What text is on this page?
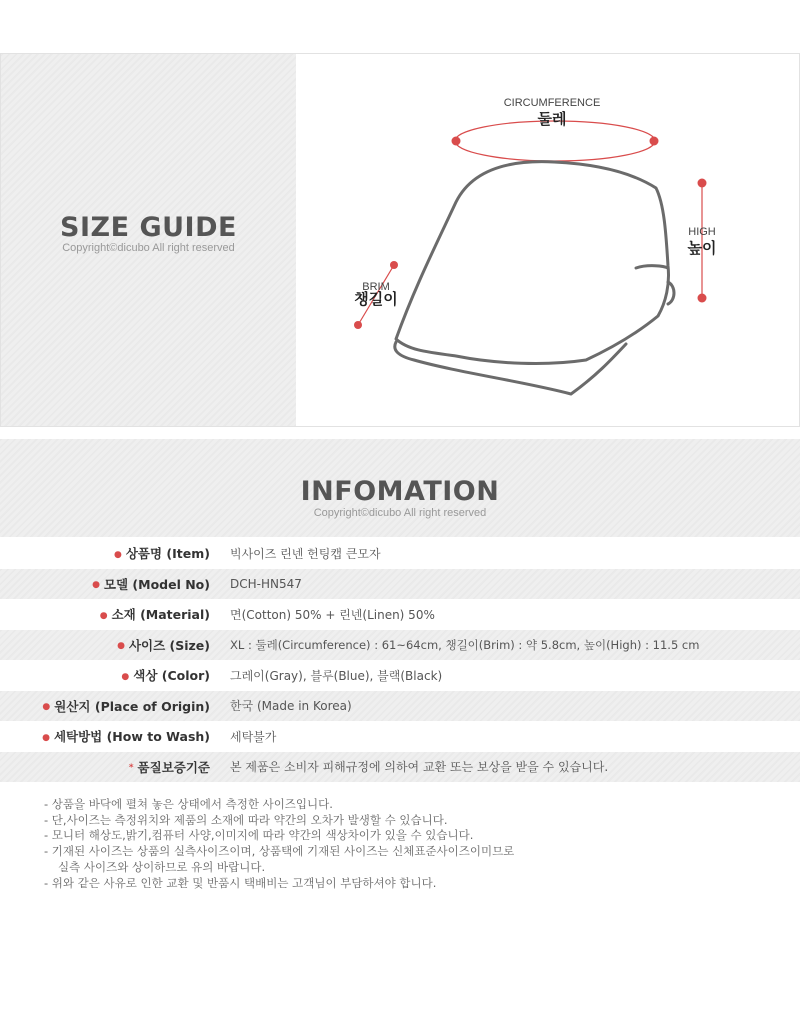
SIZE GUIDE
Copyright©dicubo All right reserved
CIRCUMFERENCE
둘레
HIGH
높이
BRIM
챙길이
INFOMATION
Copyright©dicubo All right reserved
● 상품명 (Item) 빅사이즈 린넨 헌팅캡 큰모자
● 모델 (Model No) DCH-HN547
● 소재 (Material) 면(Cotton) 50% + 린넨(Linen) 50%
● 사이즈 (Size) XL : 둘레(Circumference) : 61~64cm, 챙길이(Brim) : 약 5.8cm, 높이(High) : 11.5 cm
● 색상 (Color) 그레이(Gray), 블루(Blue), 블랙(Black)
● 원산지 (Place of Origin) 한국 (Made in Korea)
● 세탁방법 (How to Wash) 세탁불가
* 품질보증기준 본 제품은 소비자 피해규정에 의하여 교환 또는 보상을 받을 수 있습니다.
- 상품을 바닥에 펼쳐 놓은 상태에서 측정한 사이즈입니다.
- 단,사이즈는 측정위치와 제품의 소재에 따라 약간의 오차가 발생할 수 있습니다.
- 모니터 해상도,밝기,컴퓨터 사양,이미지에 따라 약간의 색상차이가 있을 수 있습니다.
- 기재된 사이즈는 상품의 실측사이즈이며, 상품택에 기재된 사이즈는 신체표준사이즈이미므로
실측 사이즈와 상이하므로 유의 바랍니다.
- 위와 같은 사유로 인한 교환 및 반품시 택배비는 고객님이 부담하셔야 합니다.
